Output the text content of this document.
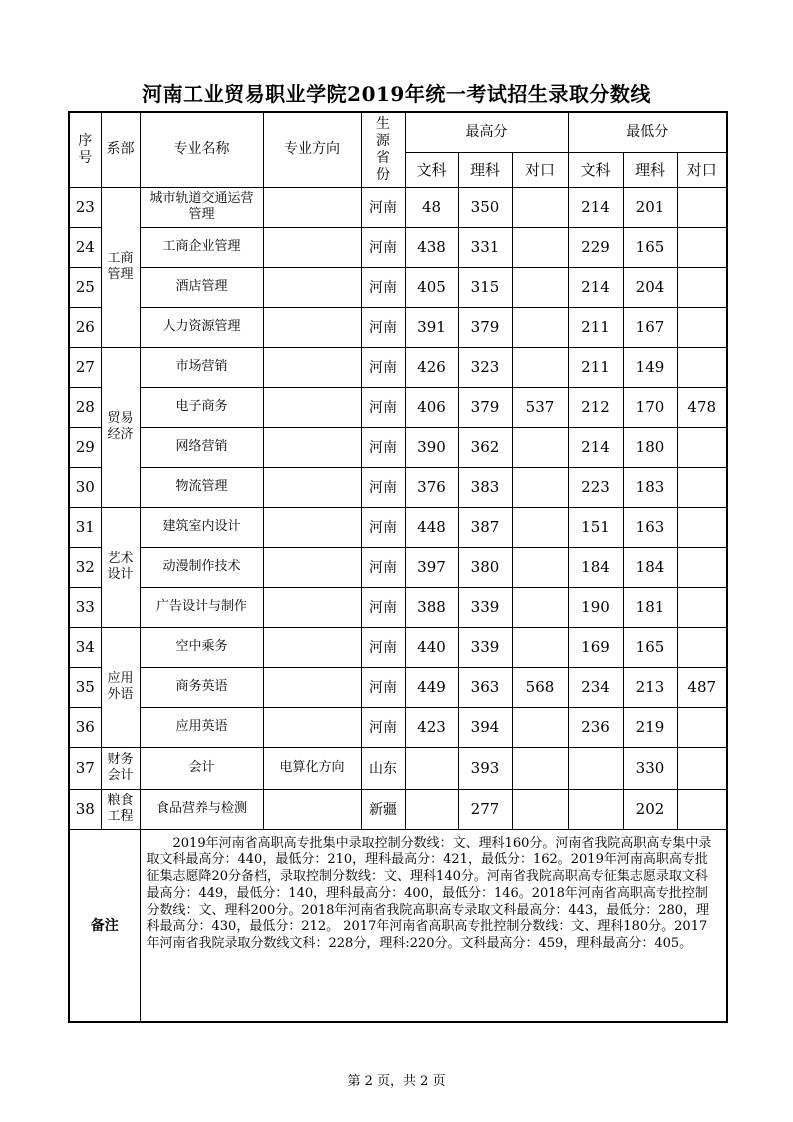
河南工业贸易职业学院2019年统一考试招生录取分数线
序号	系部	专业名称	专业方向	生源省份	最高分			最低分		
					文科	理科	对口	文科	理科	对口
23	工商管理	城市轨道交通运营管理		河南	48	350		214	201	
24		工商企业管理		河南	438	331		229	165	
25		酒店管理		河南	405	315		214	204	
26		人力资源管理		河南	391	379		211	167	
27	贸易经济	市场营销		河南	426	323		211	149	
28		电子商务		河南	406	379	537	212	170	478
29		网络营销		河南	390	362		214	180	
30		物流管理		河南	376	383		223	183	
31	艺术设计	建筑室内设计		河南	448	387		151	163	
32		动漫制作技术		河南	397	380		184	184	
33		广告设计与制作		河南	388	339		190	181	
34	应用外语	空中乘务		河南	440	339		169	165	
35		商务英语		河南	449	363	568	234	213	487
36		应用英语		河南	423	394		236	219	
37	财务会计	会计	电算化方向	山东		393			330	
38	粮食工程	食品营养与检测		新疆		277			202	
备注		2019年河南省高职高专批集中录取控制分数线：文、理科160分。河南省我院高职高专集中录取文科最高分：440，最低分：210，理科最高分：421，最低分：162。2019年河南高职高专批征集志愿降20分备档，录取控制分数线：文、理科140分。河南省我院高职高专征集志愿录取文科最高分：449，最低分：140，理科最高分：400，最低分：146。2018年河南省高职高专批控制分数线：文、理科200分。2018年河南省我院高职高专录取文科最高分：443，最低分：280，理科最高分：430，最低分：212。 2017年河南省高职高专批控制分数线：文、理科180分。2017年河南省我院录取分数线文科：228分，理科:220分。文科最高分：459，理科最高分：405。								
第 2 页，共 2 页
